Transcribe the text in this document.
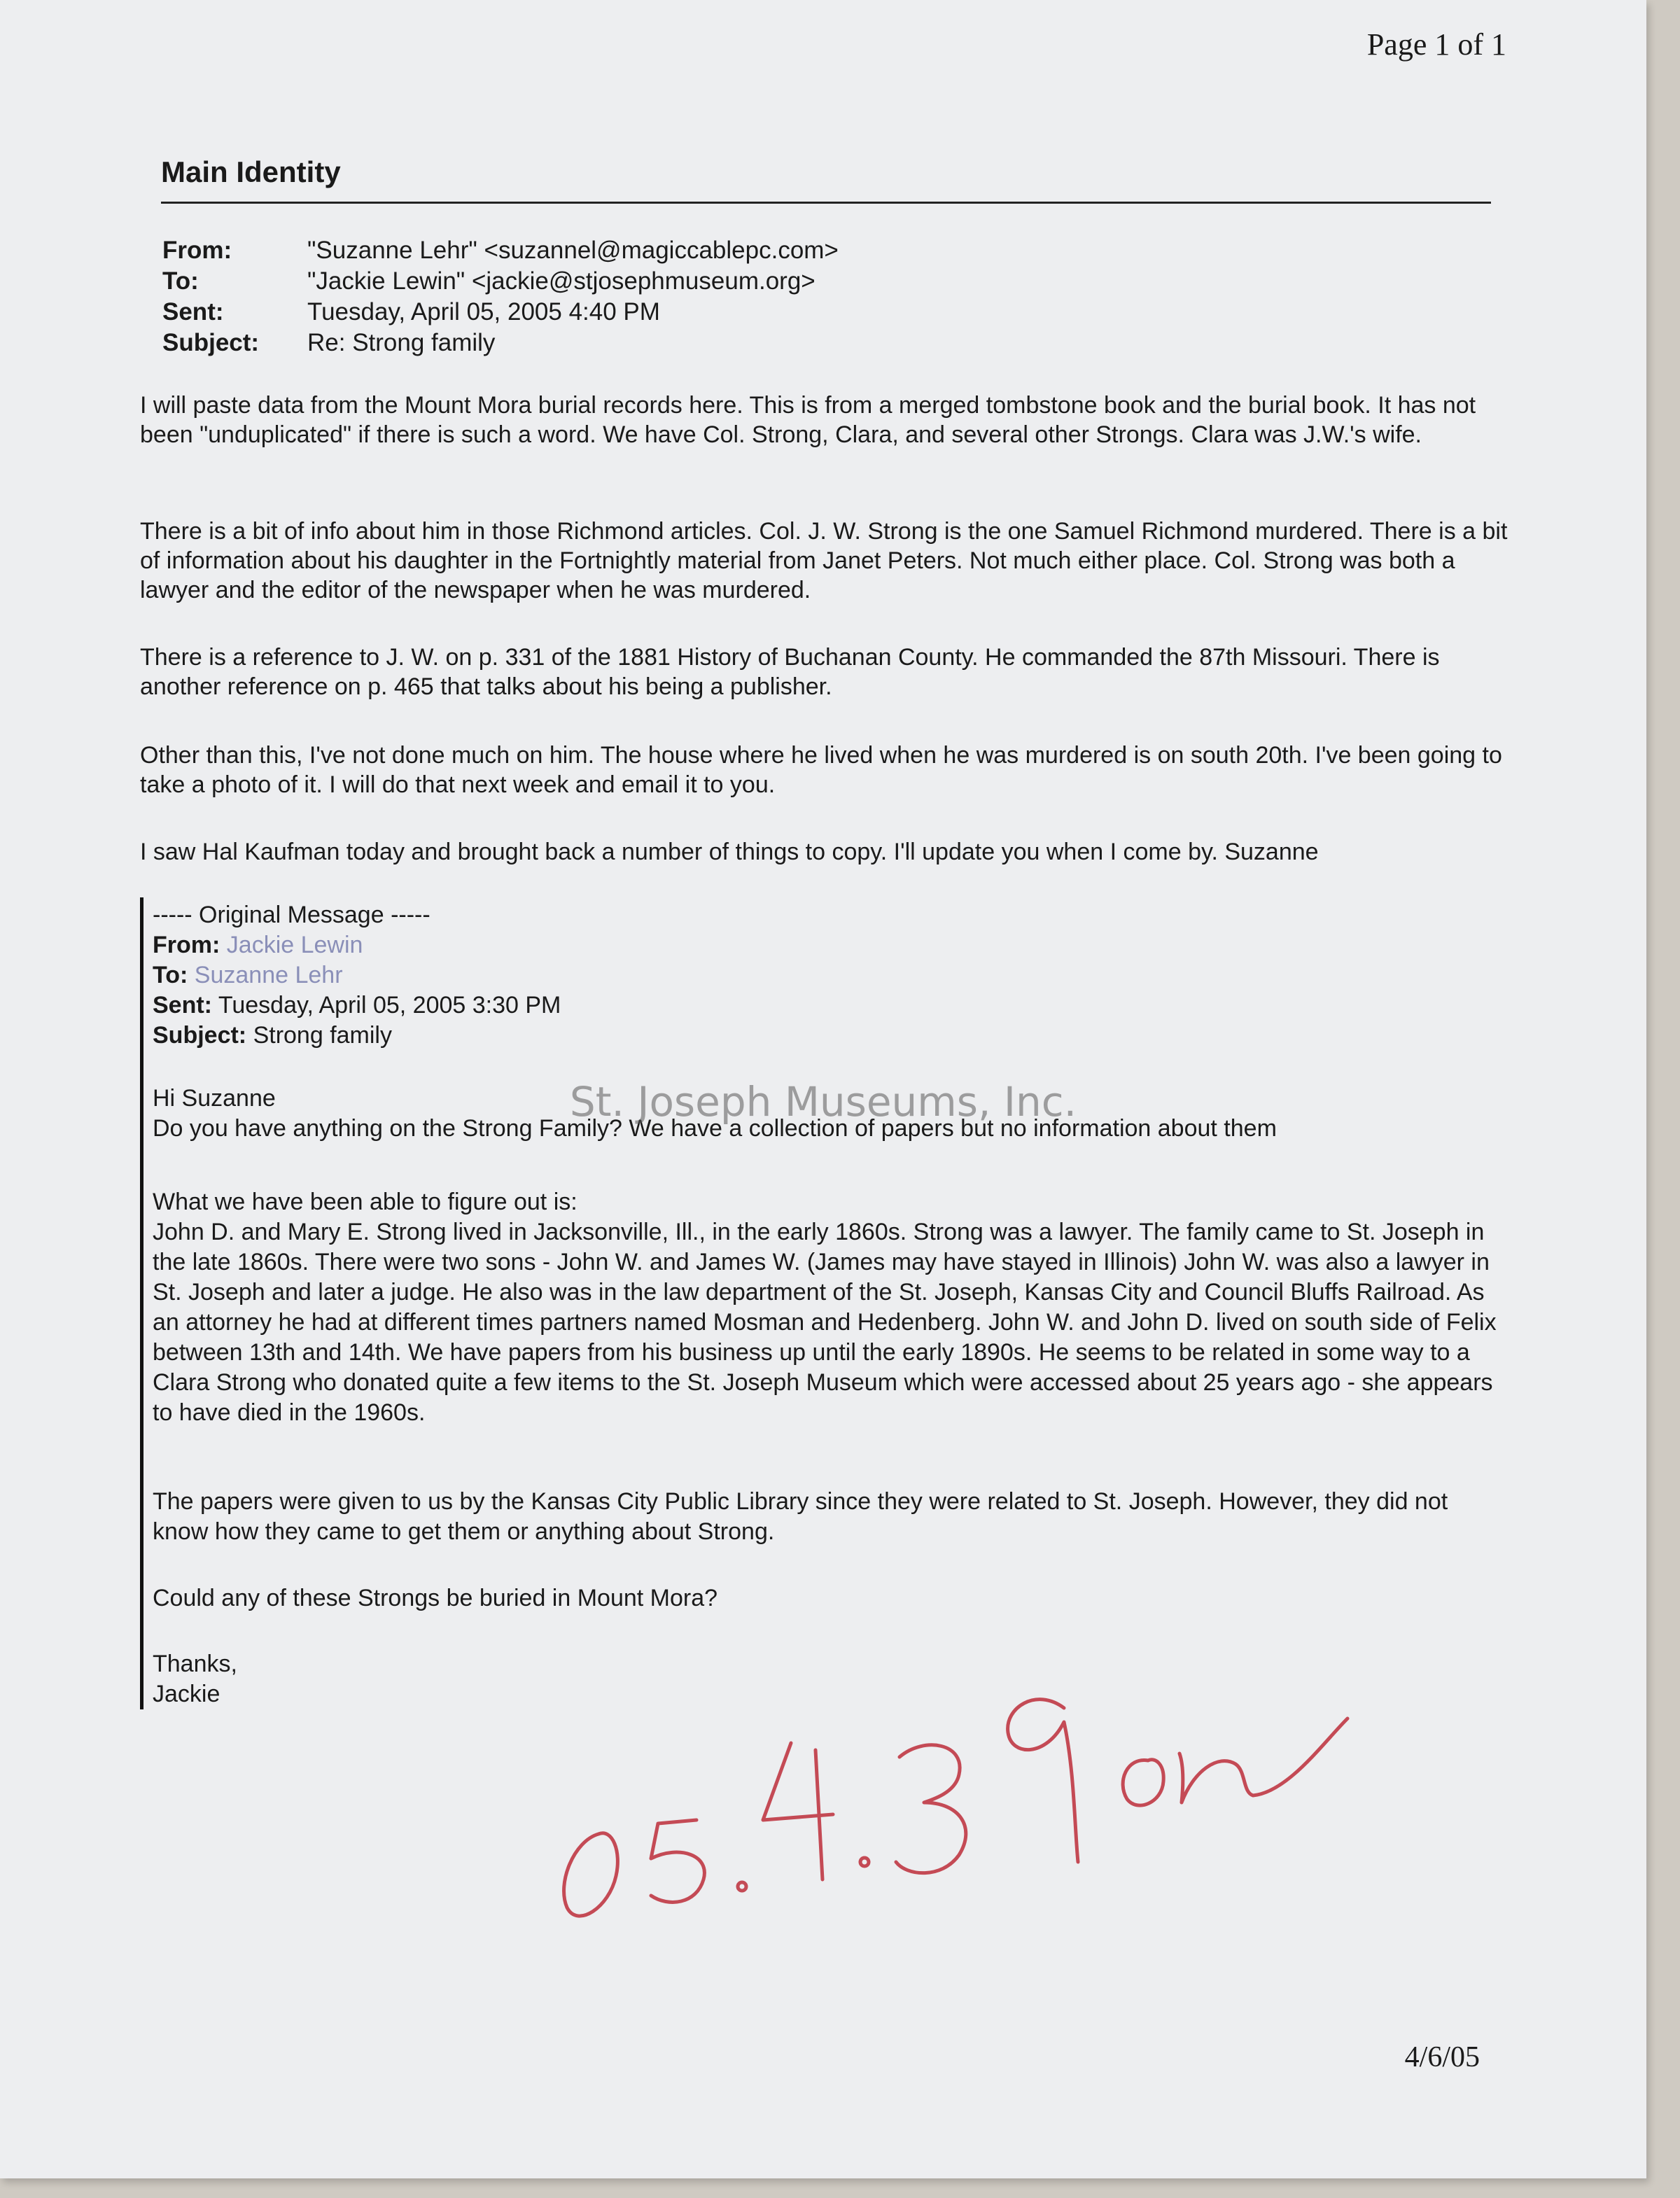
Page 1 of 1
Main Identity
From:	"Suzanne Lehr" <suzannel@magiccablepc.com>
To:	"Jackie Lewin" <jackie@stjosephmuseum.org>
Sent:	Tuesday, April 05, 2005 4:40 PM
Subject:	Re: Strong family

I will paste data from the Mount Mora burial records here. This is from a merged tombstone book and the burial book. It has not been "unduplicated" if there is such a word. We have Col. Strong, Clara, and several other Strongs. Clara was J.W.'s wife.

There is a bit of info about him in those Richmond articles. Col. J. W. Strong is the one Samuel Richmond murdered. There is a bit of information about his daughter in the Fortnightly material from Janet Peters. Not much either place. Col. Strong was both a lawyer and the editor of the newspaper when he was murdered.

There is a reference to J. W. on p. 331 of the 1881 History of Buchanan County. He commanded the 87th Missouri. There is another reference on p. 465 that talks about his being a publisher.

Other than this, I've not done much on him. The house where he lived when he was murdered is on south 20th. I've been going to take a photo of it. I will do that next week and email it to you.

I saw Hal Kaufman today and brought back a number of things to copy. I'll update you when I come by. Suzanne

----- Original Message -----
From: Jackie Lewin
To: Suzanne Lehr
Sent: Tuesday, April 05, 2005 3:30 PM
Subject: Strong family
Hi Suzanne
Do you have anything on the Strong Family? We have a collection of papers but no information about them
What we have been able to figure out is:
John D. and Mary E. Strong lived in Jacksonville, Ill., in the early 1860s. Strong was a lawyer. The family came to St. Joseph in the late 1860s. There were two sons - John W. and James W. (James may have stayed in Illinois) John W. was also a lawyer in St. Joseph and later a judge. He also was in the law department of the St. Joseph, Kansas City and Council Bluffs Railroad. As an attorney he had at different times partners named Mosman and Hedenberg. John W. and John D. lived on south side of Felix between 13th and 14th. We have papers from his business up until the early 1890s. He seems to be related in some way to a Clara Strong who donated quite a few items to the St. Joseph Museum which were accessed about 25 years ago - she appears to have died in the 1960s.

The papers were given to us by the Kansas City Public Library since they were related to St. Joseph. However, they did not know how they came to get them or anything about Strong.

Could any of these Strongs be buried in Mount Mora?

Thanks,
Jackie
St. Joseph Museums, Inc.
4/6/05
